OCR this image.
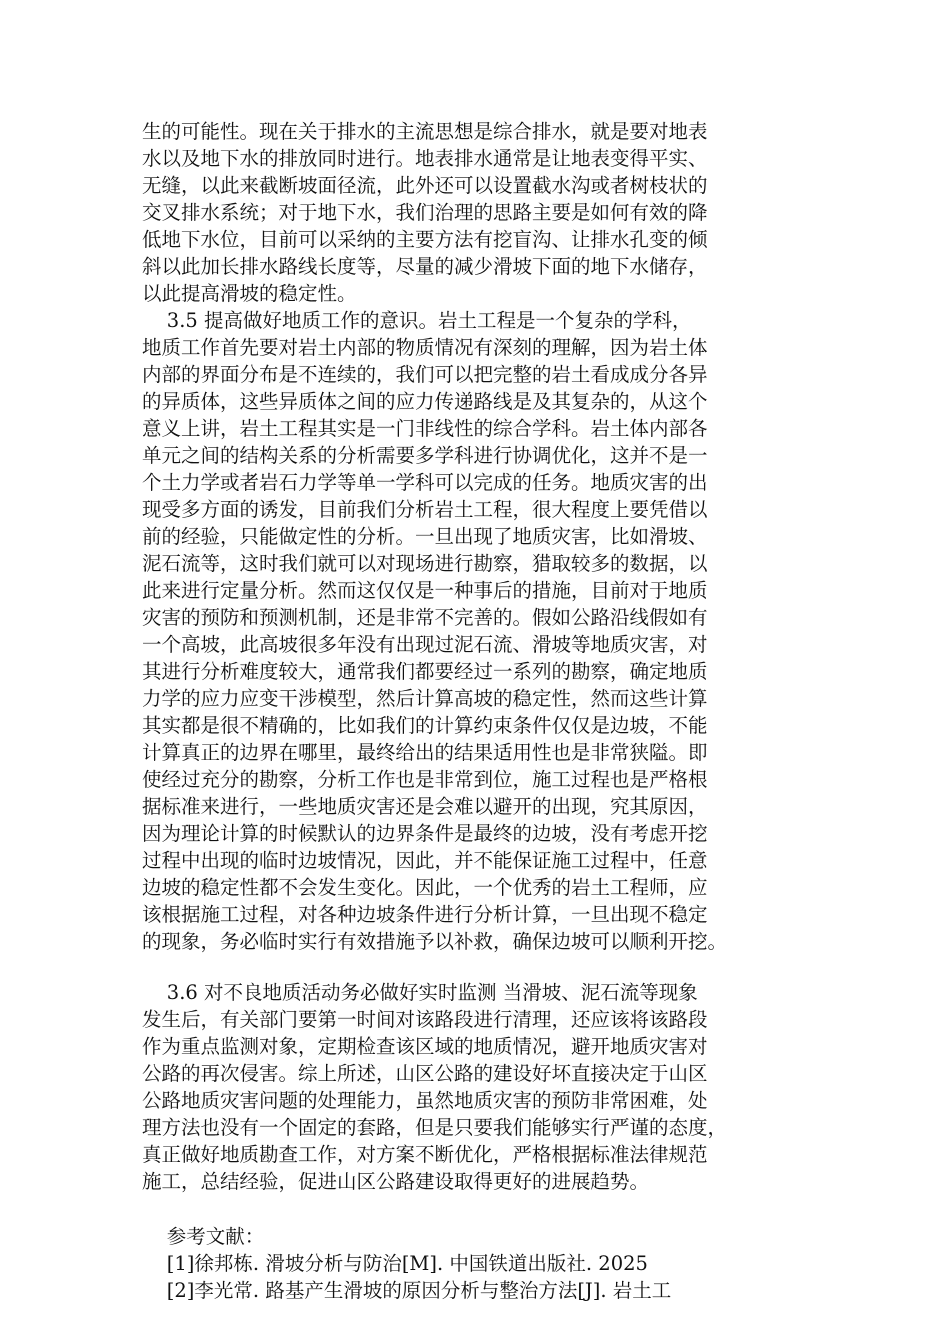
生的可能性。现在关于排水的主流思想是综合排水，就是要对地表
水以及地下水的排放同时进行。地表排水通常是让地表变得平实、
无缝，以此来截断坡面径流，此外还可以设置截水沟或者树枝状的
交叉排水系统；对于地下水，我们治理的思路主要是如何有效的降
低地下水位，目前可以采纳的主要方法有挖盲沟、让排水孔变的倾
斜以此加长排水路线长度等，尽量的减少滑坡下面的地下水储存，
以此提高滑坡的稳定性。
3.5 提高做好地质工作的意识。岩土工程是一个复杂的学科，
地质工作首先要对岩土内部的物质情况有深刻的理解，因为岩土体
内部的界面分布是不连续的，我们可以把完整的岩土看成成分各异
的异质体，这些异质体之间的应力传递路线是及其复杂的，从这个
意义上讲，岩土工程其实是一门非线性的综合学科。岩土体内部各
单元之间的结构关系的分析需要多学科进行协调优化，这并不是一
个土力学或者岩石力学等单一学科可以完成的任务。地质灾害的出
现受多方面的诱发，目前我们分析岩土工程，很大程度上要凭借以
前的经验，只能做定性的分析。一旦出现了地质灾害，比如滑坡、
泥石流等，这时我们就可以对现场进行勘察，猎取较多的数据，以
此来进行定量分析。然而这仅仅是一种事后的措施，目前对于地质
灾害的预防和预测机制，还是非常不完善的。假如公路沿线假如有
一个高坡，此高坡很多年没有出现过泥石流、滑坡等地质灾害，对
其进行分析难度较大，通常我们都要经过一系列的勘察，确定地质
力学的应力应变干涉模型，然后计算高坡的稳定性，然而这些计算
其实都是很不精确的，比如我们的计算约束条件仅仅是边坡，不能
计算真正的边界在哪里，最终给出的结果适用性也是非常狭隘。即
使经过充分的勘察，分析工作也是非常到位，施工过程也是严格根
据标准来进行，一些地质灾害还是会难以避开的出现，究其原因，
因为理论计算的时候默认的边界条件是最终的边坡，没有考虑开挖
过程中出现的临时边坡情况，因此，并不能保证施工过程中，任意
边坡的稳定性都不会发生变化。因此，一个优秀的岩土工程师，应
该根据施工过程，对各种边坡条件进行分析计算，一旦出现不稳定
的现象，务必临时实行有效措施予以补救，确保边坡可以顺利开挖。
3.6 对不良地质活动务必做好实时监测 当滑坡、泥石流等现象
发生后，有关部门要第一时间对该路段进行清理，还应该将该路段
作为重点监测对象，定期检查该区域的地质情况，避开地质灾害对
公路的再次侵害。综上所述，山区公路的建设好坏直接决定于山区
公路地质灾害问题的处理能力，虽然地质灾害的预防非常困难，处
理方法也没有一个固定的套路，但是只要我们能够实行严谨的态度，
真正做好地质勘查工作，对方案不断优化，严格根据标准法律规范
施工，总结经验，促进山区公路建设取得更好的进展趋势。
参考文献：
[1]徐邦栋. 滑坡分析与防治[M]. 中国铁道出版社. 2025
[2]李光常. 路基产生滑坡的原因分析与整治方法[J]. 岩土工
